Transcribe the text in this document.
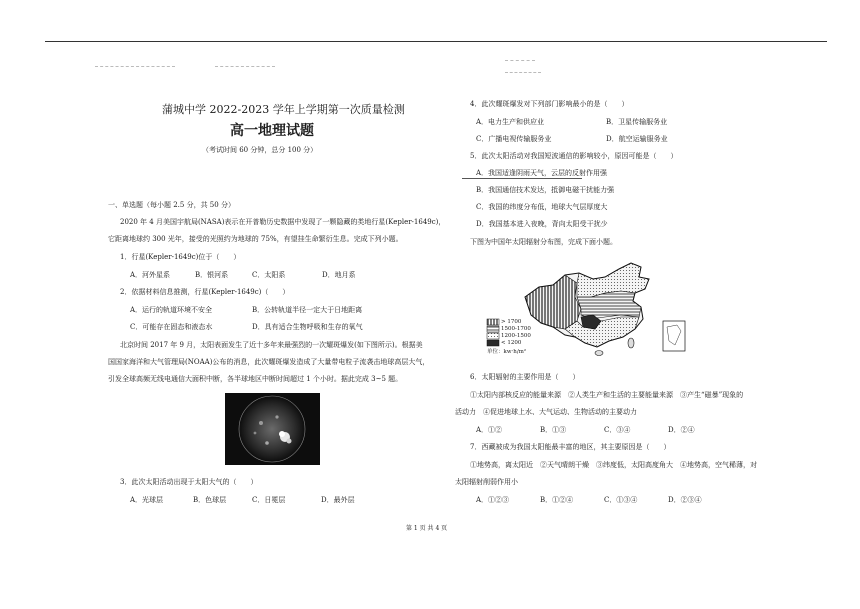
蒲城中学 2022-2023 学年上学期第一次质量检测
高一地理试题
（考试时间 60 分钟，总分 100 分）
一、单选题（每小题 2.5 分，共 50 分）
2020 年 4 月美国宇航局(NASA)表示在开普勒历史数据中发现了一颗隐藏的类地行星(Kepler-1649c)，
它距离地球约 300 光年，接受的光照约为地球的 75%，有望挂生命繁衍生息。完成下列小题。
1．行星(Kepler-1649c)位于（　　）
A．河外星系	B．银河系	C．太阳系	D．地月系
2．依据材料信息推测，行星(Kepler-1649c)（　　）
A．运行的轨道环境不安全	B．公转轨道半径一定大于日地距离
C．可能存在固态和液态水	D．具有适合生物呼吸和生存的氧气
北京时间 2017 年 9 月，太阳表面发生了近十多年来最强烈的一次耀斑爆发(如下图所示)。根据美
国国家海洋和大气管理局(NOAA)公布的消息，此次耀斑爆发造成了大量带电粒子流袭击地球高层大气，
引发全球高频无线电通信大面积中断，各半球地区中断时间超过 1 个小时。据此完成 3~5 题。
3．此次太阳活动出现于太阳大气的（　　）
A．光球层	B．色球层	C．日冕层	D．最外层
4．此次耀斑爆发对下列部门影响最小的是（　　）
A．电力生产和供应业	B．卫星传输服务业
C．广播电视传输服务业	D．航空运输服务业
5．此次太阳活动对我国短波通信的影响较小，原因可能是（　　）
A．我国适逢阴雨天气，云层的反射作用强
B．我国通信技术发达，抵御电磁干扰能力强
C．我国的纬度分布低，地球大气层厚度大
D．我国基本进入夜晚，背向太阳受干扰少
下图为中国年太阳辐射分布图，完成下面小题。
> 1700
1500-1700
1200-1500
< 1200
单位：kw·h/m²
6．太阳辐射的主要作用是（　　）
①太阳内部核反应的能量来源　②人类生产和生活的主要能量来源　③产生“磁暴”现象的
活动力　④促进地球上水、大气运动、生物活动的主要动力
A．①②	B．①③	C．③④	D．②④
7．西藏被成为我国太阳能最丰富的地区，其主要原因是（　　）
①地势高，离太阳近　②天气晴朗干燥　③纬度低，太阳高度角大　④地势高，空气稀薄，对
太阳辐射削弱作用小
A．①②③	B．①②④	C．①③④	D．②③④
第 1 页 共 4 页
